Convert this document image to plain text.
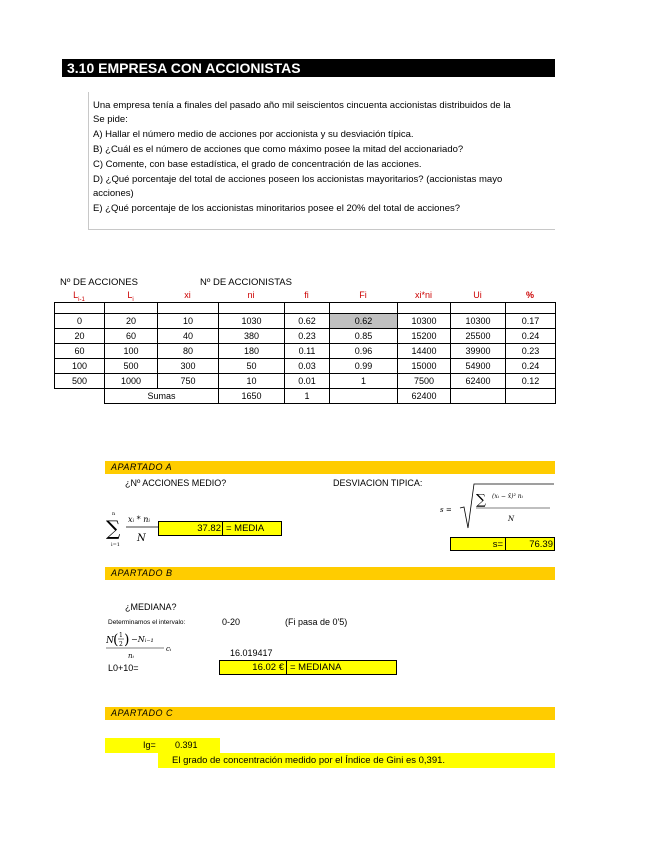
3.10 EMPRESA CON ACCIONISTAS
Una empresa tenía a finales del pasado año mil seiscientos cincuenta accionistas distribuidos de la
Se pide:
A) Hallar el número medio de acciones por accionista y su desviación típica.
B) ¿Cuál es el número de acciones que como máximo posee la mitad del accionariado?
C) Comente, con base estadística, el grado de concentración de las acciones.
D) ¿Qué porcentaje del total de acciones poseen los accionistas mayoritarios? (accionistas mayo
acciones)
E) ¿Qué porcentaje de los accionistas minoritarios posee el 20% del total de acciones?
Nº DE ACCIONES	Nº DE ACCIONISTAS
$L_{i-1}$	$L_i$	xi	ni	fi	Fi	xi*ni	Ui	%

0	20	10	1030	0.62	0.62	10300	10300	0.17
20	60	40	380	0.23	0.85	15200	25500	0.24
60	100	80	180	0.11	0.96	14400	39900	0.23
100	500	300	50	0.03	0.99	15000	54900	0.24
500	1000	750	10	0.01	1	7500	62400	0.12
	Sumas		1650	1		62400		
APARTADO A
¿Nº ACCIONES MEDIO?	DESVIACION TIPICA:
∑
n
i=1
xᵢ * nᵢ
N
37.82 = MEDIA
s =
∑ (xᵢ − x̄)² nᵢ
N
s=	76.39
APARTADO B
¿MEDIANA?
Determinamos el intervalo:	0-20	(Fi pasa de 0'5)
N ( 1
2 ) −Nᵢ₋₁
nᵢ
cᵢ	16.019417
L0+10=	16.02 € = MEDIANA
APARTADO C
Ig= 0.391
El grado de concentración medido por el Índice de Gini es 0,391.
